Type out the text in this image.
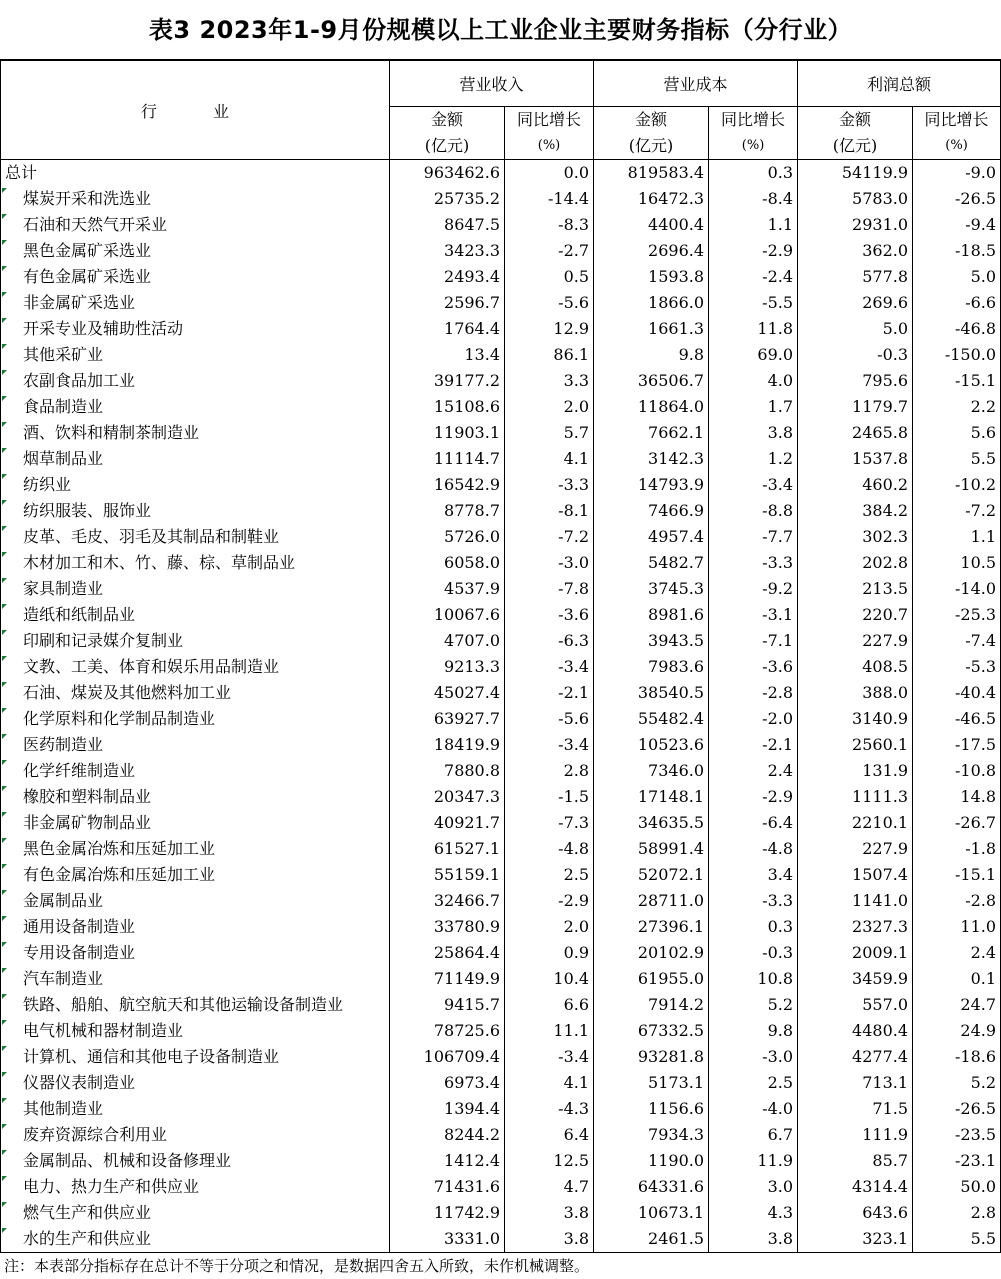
表3 2023年1-9月份规模以上工业企业主要财务指标（分行业）
行　业	营业收入		营业成本		利润总额	
	金额	同比增长	金额	同比增长	金额	同比增长
	(亿元)	(%)	(亿元)	(%)	(亿元)	(%)
总计	963462.6	0.0	819583.4	0.3	54119.9	-9.0

煤炭开采和洗选业	25735.2	-14.4	16472.3	-8.4	5783.0	-26.5

石油和天然气开采业	8647.5	-8.3	4400.4	1.1	2931.0	-9.4

黑色金属矿采选业	3423.3	-2.7	2696.4	-2.9	362.0	-18.5

有色金属矿采选业	2493.4	0.5	1593.8	-2.4	577.8	5.0

非金属矿采选业	2596.7	-5.6	1866.0	-5.5	269.6	-6.6

开采专业及辅助性活动	1764.4	12.9	1661.3	11.8	5.0	-46.8

其他采矿业	13.4	86.1	9.8	69.0	-0.3	-150.0

农副食品加工业	39177.2	3.3	36506.7	4.0	795.6	-15.1

食品制造业	15108.6	2.0	11864.0	1.7	1179.7	2.2

酒、饮料和精制茶制造业	11903.1	5.7	7662.1	3.8	2465.8	5.6

烟草制品业	11114.7	4.1	3142.3	1.2	1537.8	5.5

纺织业	16542.9	-3.3	14793.9	-3.4	460.2	-10.2

纺织服装、服饰业	8778.7	-8.1	7466.9	-8.8	384.2	-7.2

皮革、毛皮、羽毛及其制品和制鞋业	5726.0	-7.2	4957.4	-7.7	302.3	1.1

木材加工和木、竹、藤、棕、草制品业	6058.0	-3.0	5482.7	-3.3	202.8	10.5

家具制造业	4537.9	-7.8	3745.3	-9.2	213.5	-14.0

造纸和纸制品业	10067.6	-3.6	8981.6	-3.1	220.7	-25.3

印刷和记录媒介复制业	4707.0	-6.3	3943.5	-7.1	227.9	-7.4

文教、工美、体育和娱乐用品制造业	9213.3	-3.4	7983.6	-3.6	408.5	-5.3

石油、煤炭及其他燃料加工业	45027.4	-2.1	38540.5	-2.8	388.0	-40.4

化学原料和化学制品制造业	63927.7	-5.6	55482.4	-2.0	3140.9	-46.5

医药制造业	18419.9	-3.4	10523.6	-2.1	2560.1	-17.5

化学纤维制造业	7880.8	2.8	7346.0	2.4	131.9	-10.8

橡胶和塑料制品业	20347.3	-1.5	17148.1	-2.9	1111.3	14.8

非金属矿物制品业	40921.7	-7.3	34635.5	-6.4	2210.1	-26.7

黑色金属冶炼和压延加工业	61527.1	-4.8	58991.4	-4.8	227.9	-1.8

有色金属冶炼和压延加工业	55159.1	2.5	52072.1	3.4	1507.4	-15.1

金属制品业	32466.7	-2.9	28711.0	-3.3	1141.0	-2.8

通用设备制造业	33780.9	2.0	27396.1	0.3	2327.3	11.0

专用设备制造业	25864.4	0.9	20102.9	-0.3	2009.1	2.4

汽车制造业	71149.9	10.4	61955.0	10.8	3459.9	0.1

铁路、船舶、航空航天和其他运输设备制造业	9415.7	6.6	7914.2	5.2	557.0	24.7

电气机械和器材制造业	78725.6	11.1	67332.5	9.8	4480.4	24.9

计算机、通信和其他电子设备制造业	106709.4	-3.4	93281.8	-3.0	4277.4	-18.6

仪器仪表制造业	6973.4	4.1	5173.1	2.5	713.1	5.2

其他制造业	1394.4	-4.3	1156.6	-4.0	71.5	-26.5

废弃资源综合利用业	8244.2	6.4	7934.3	6.7	111.9	-23.5

金属制品、机械和设备修理业	1412.4	12.5	1190.0	11.9	85.7	-23.1

电力、热力生产和供应业	71431.6	4.7	64331.6	3.0	4314.4	50.0

燃气生产和供应业	11742.9	3.8	10673.1	4.3	643.6	2.8

水的生产和供应业	3331.0	3.8	2461.5	3.8	323.1	5.5
注：本表部分指标存在总计不等于分项之和情况，是数据四舍五入所致，未作机械调整。
